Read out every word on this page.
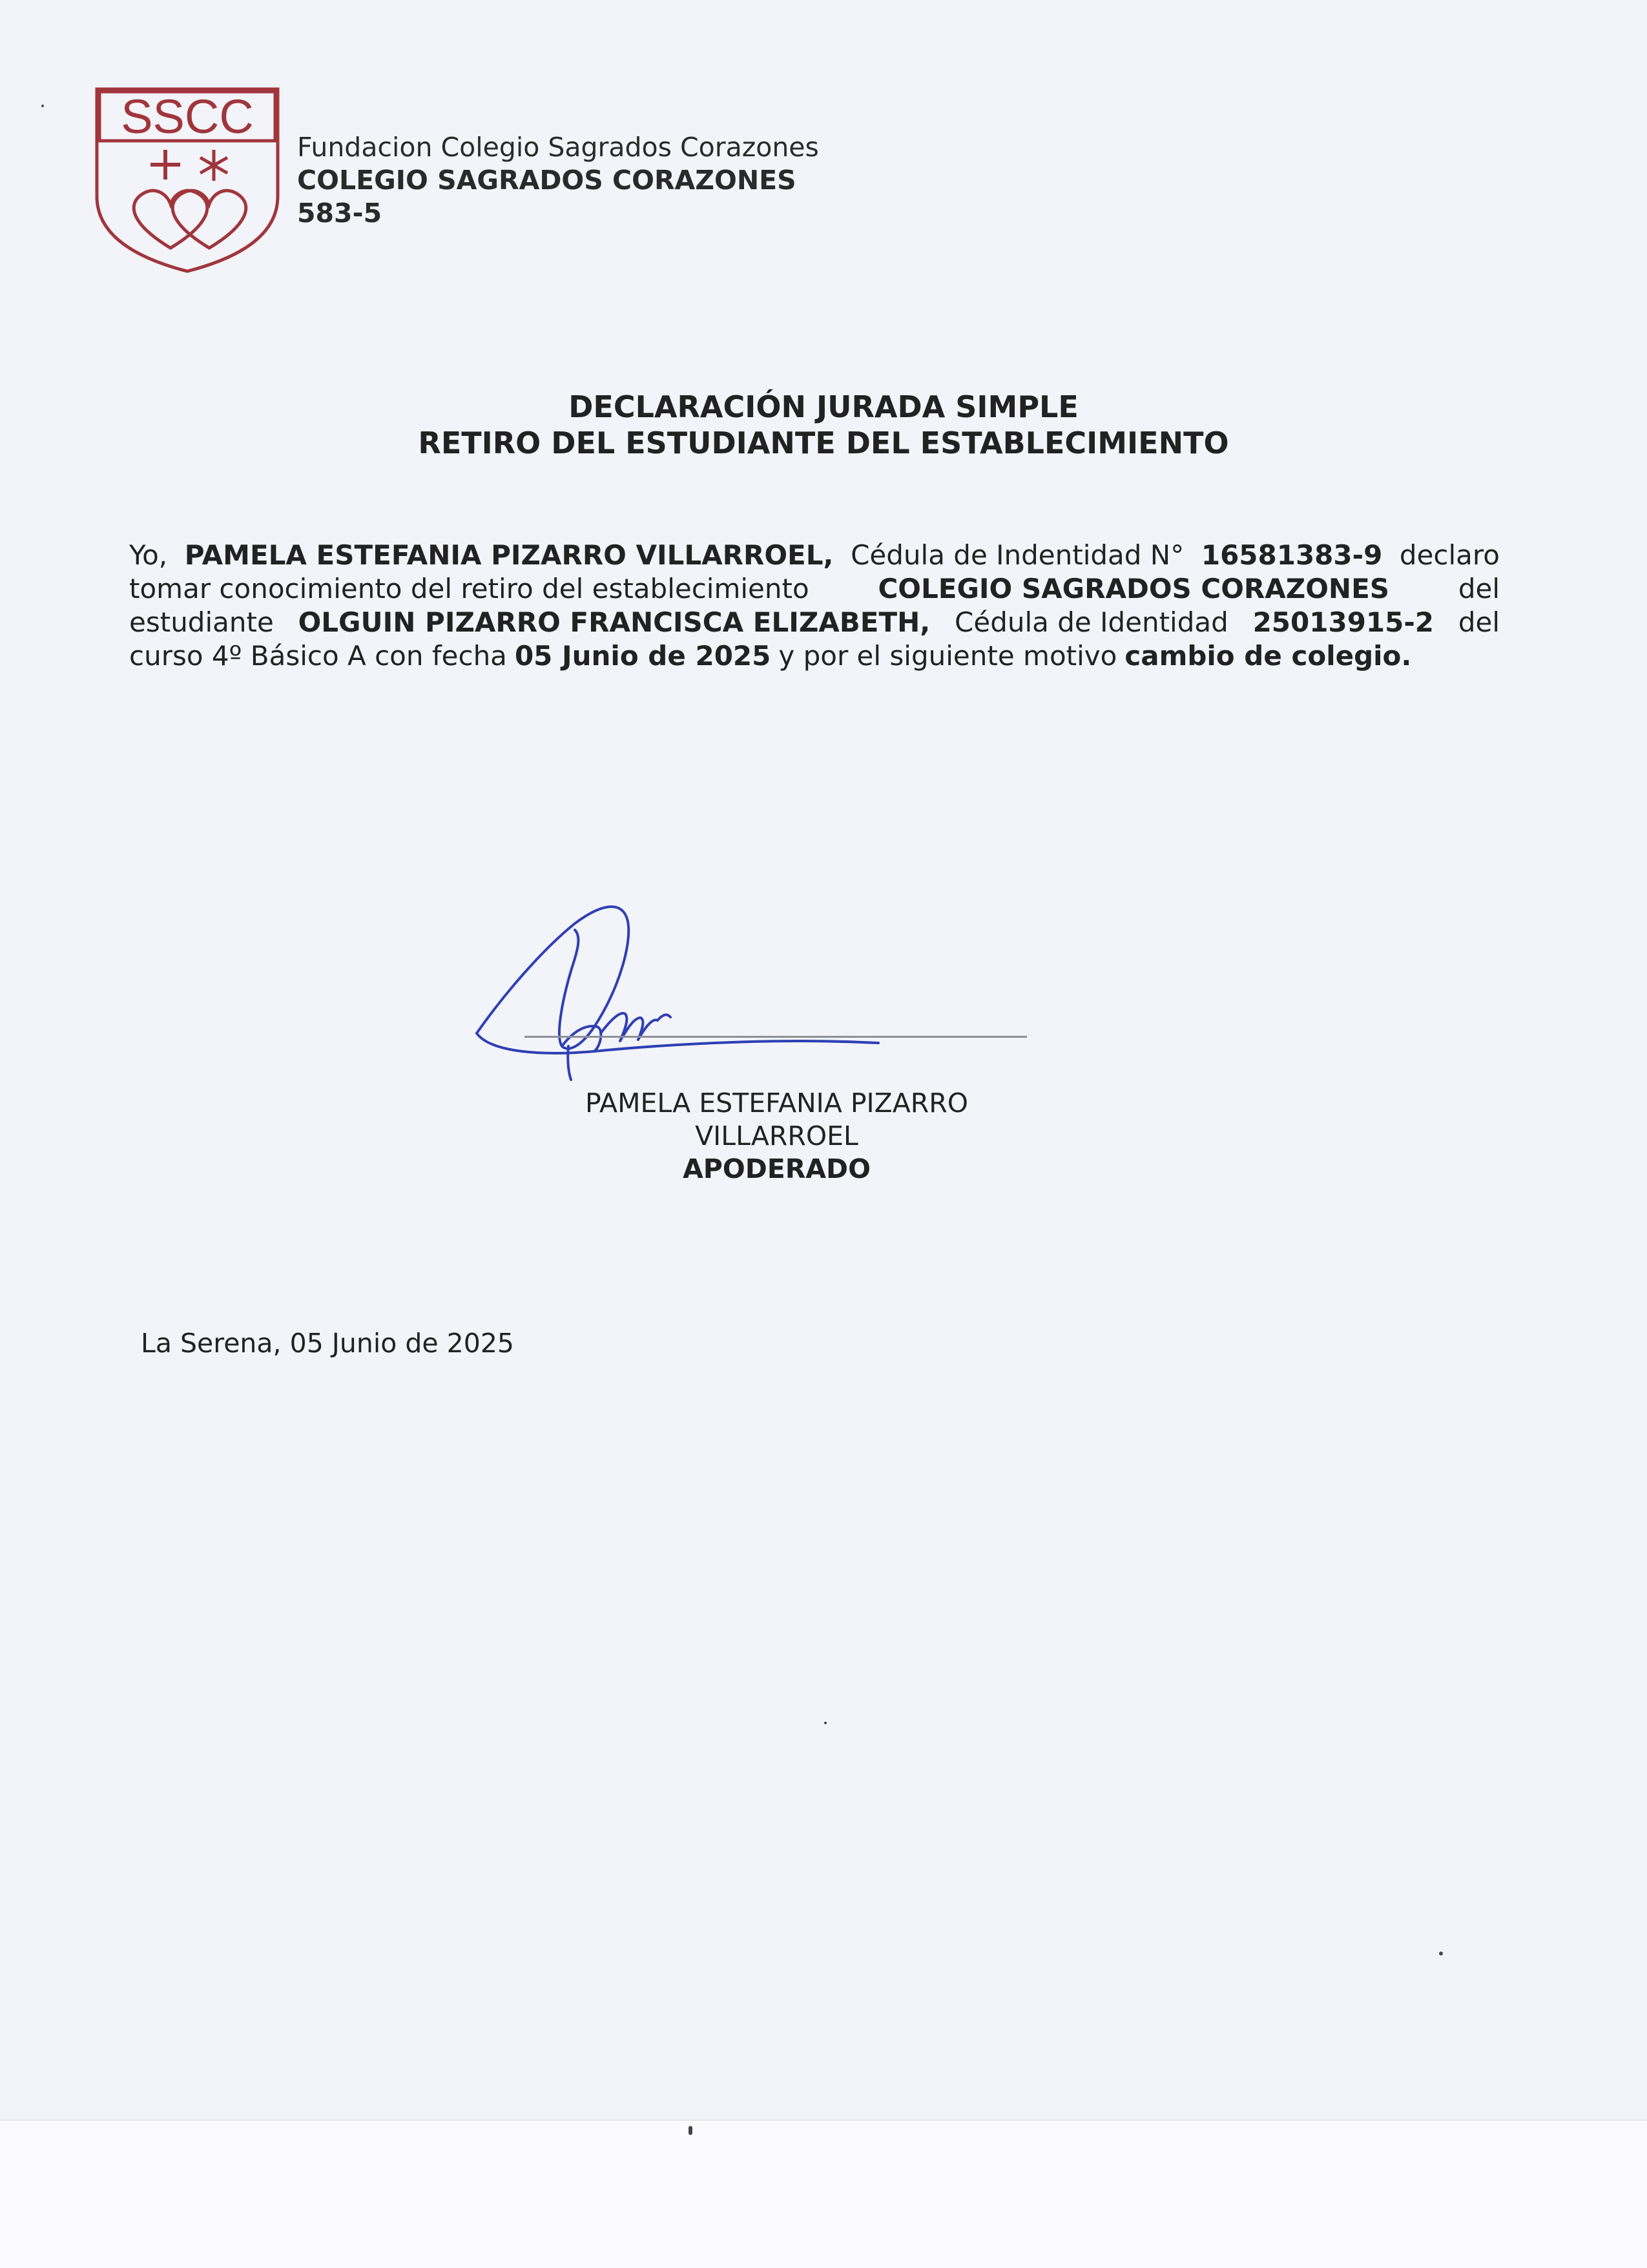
SSCC
Fundacion Colegio Sagrados Corazones
COLEGIO SAGRADOS CORAZONES
583-5
DECLARACIÓN JURADA SIMPLE
RETIRO DEL ESTUDIANTE DEL ESTABLECIMIENTO
Yo, PAMELA ESTEFANIA PIZARRO VILLARROEL, Cédula de Indentidad N° 16581383-9 declaro
tomar conocimiento del retiro del establecimiento	COLEGIO SAGRADOS CORAZONES	del
estudiante OLGUIN PIZARRO FRANCISCA ELIZABETH, Cédula de Identidad 25013915-2 del
curso 4º Básico A con fecha 05 Junio de 2025 y por el siguiente motivo cambio de colegio.
PAMELA ESTEFANIA PIZARRO
VILLARROEL
APODERADO
La Serena, 05 Junio de 2025
